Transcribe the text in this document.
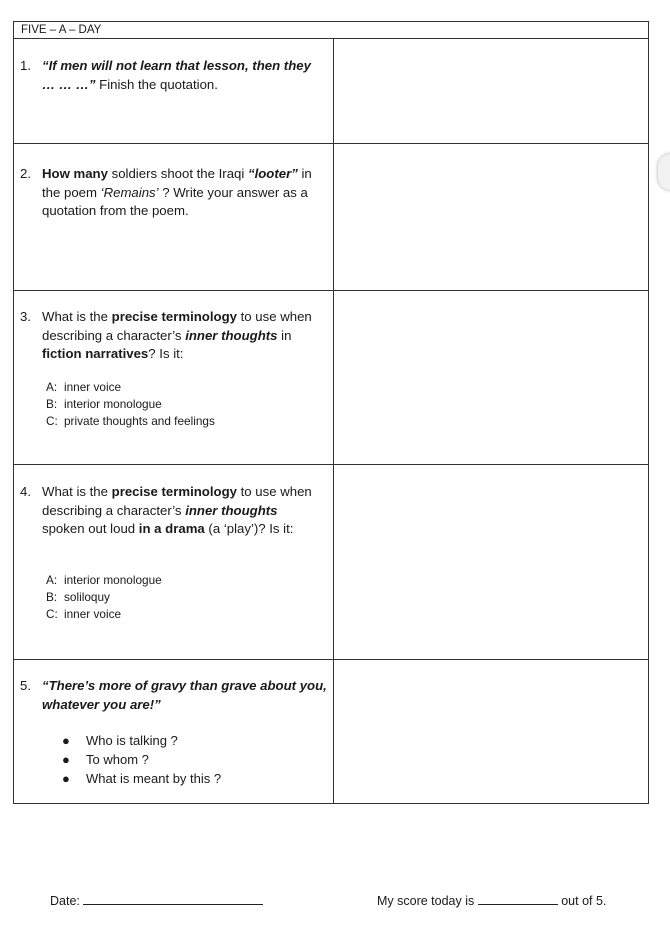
FIVE – A – DAY
1. “If men will not learn that lesson, then they … … …” Finish the quotation.
2. How many soldiers shoot the Iraqi “looter” in the poem ‘Remains’ ? Write your answer as a quotation from the poem.
3. What is the precise terminology to use when describing a character’s inner thoughts in fiction narratives? Is it:
A: inner voice
B: interior monologue
C: private thoughts and feelings
4. What is the precise terminology to use when describing a character’s inner thoughts spoken out loud in a drama (a ‘play’)? Is it:
A: interior monologue
B: soliloquy
C: inner voice
5. “There’s more of gravy than grave about you, whatever you are!”
● Who is talking ?
● To whom ?
● What is meant by this ?
Date:	My score today is	out of 5.
